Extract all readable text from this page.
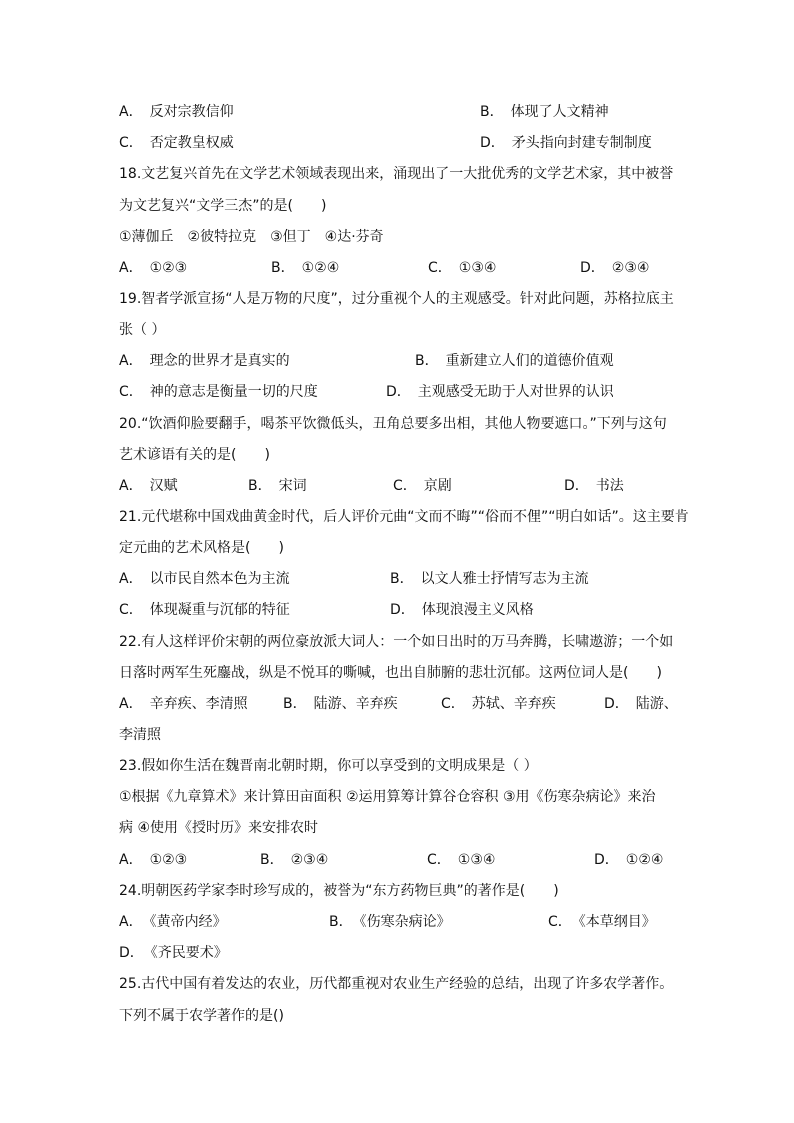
A．　反对宗教信仰	B．　体现了人文精神
C．　否定教皇权威	D．　矛头指向封建专制制度
18.文艺复兴首先在文学艺术领域表现出来，涌现出了一大批优秀的文学艺术家，其中被誉
为文艺复兴“文学三杰”的是(　　)
①薄伽丘　②彼特拉克　③但丁　④达·芬奇
A．　①②③	B．　①②④	C．　①③④	D．　②③④
19.智者学派宣扬“人是万物的尺度”，过分重视个人的主观感受。针对此问题，苏格拉底主
张（ ）
A．　理念的世界才是真实的	B．　重新建立人们的道德价值观
C．　神的意志是衡量一切的尺度	D．　主观感受无助于人对世界的认识
20.“饮酒仰脸要翻手，喝茶平饮微低头，丑角总要多出相，其他人物要遮口。”下列与这句
艺术谚语有关的是(　　)
A．　汉赋	B．　宋词	C．　京剧	D．　书法
21.元代堪称中国戏曲黄金时代，后人评价元曲“文而不晦”“俗而不俚”“明白如话”。这主要肯
定元曲的艺术风格是(　　)
A．　以市民自然本色为主流	B．　以文人雅士抒情写志为主流
C．　体现凝重与沉郁的特征	D．　体现浪漫主义风格
22.有人这样评价宋朝的两位豪放派大词人：一个如日出时的万马奔腾，长啸遨游；一个如
日落时两军生死鏖战，纵是不悦耳的嘶喊，也出自肺腑的悲壮沉郁。这两位词人是(　　)
A．　辛弃疾、李清照	B．　陆游、辛弃疾	C．　苏轼、辛弃疾	D．　陆游、
李清照
23.假如你生活在魏晋南北朝时期，你可以享受到的文明成果是（ ）
①根据《九章算术》来计算田亩面积 ②运用算筹计算谷仓容积 ③用《伤寒杂病论》来治
病 ④使用《授时历》来安排农时
A．　①②③	B．　②③④	C．　①③④	D．　①②④
24.明朝医药学家李时珍写成的，被誉为“东方药物巨典”的著作是(　　)
A．　《黄帝内经》	B．　《伤寒杂病论》	C．　《本草纲目》
D．　《齐民要术》
25.古代中国有着发达的农业，历代都重视对农业生产经验的总结，出现了许多农学著作。
下列不属于农学著作的是()
